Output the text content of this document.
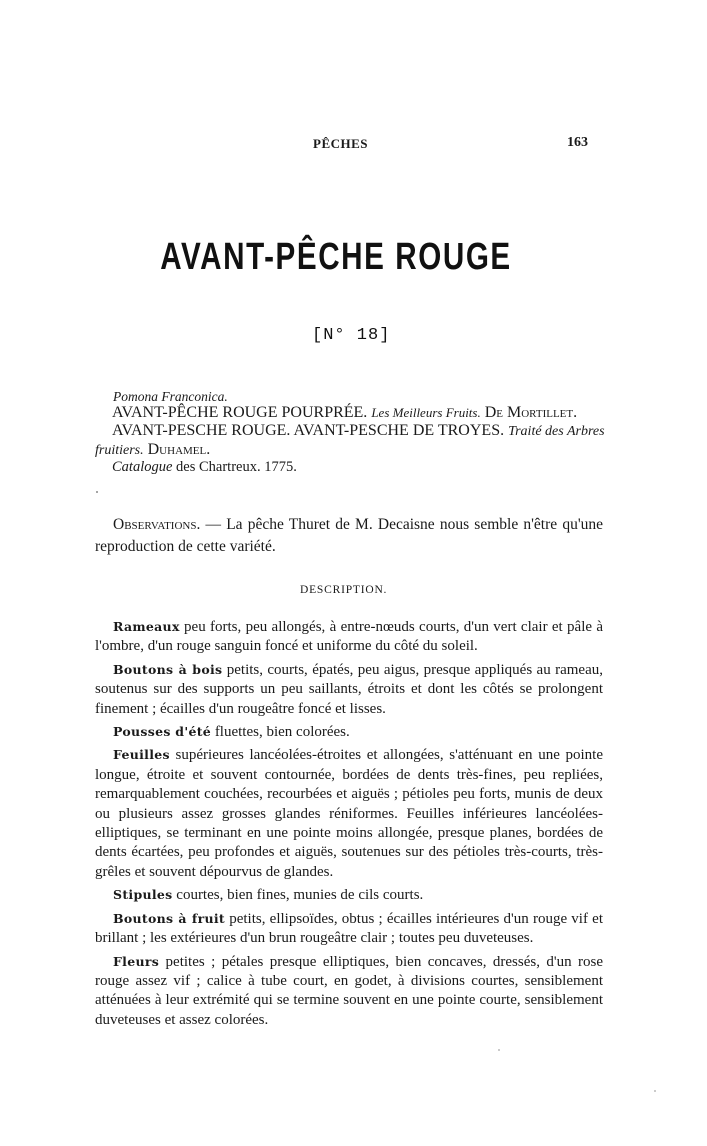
PÊCHES	163
AVANT-PÊCHE ROUGE
[N° 18]
Pomona Franconica.
AVANT-PÊCHE ROUGE POURPRÉE. Les Meilleurs Fruits. De Mortillet.
AVANT-PESCHE ROUGE. AVANT-PESCHE DE TROYES. Traité des Arbres fruitiers. Duhamel.
Catalogue des Chartreux. 1775.
Observations. — La pêche Thuret de M. Decaisne nous semble n'être qu'une reproduction de cette variété.
DESCRIPTION.

Rameaux peu forts, peu allongés, à entre-nœuds courts, d'un vert clair et pâle à l'ombre, d'un rouge sanguin foncé et uniforme du côté du soleil.

Boutons à bois petits, courts, épatés, peu aigus, presque appliqués au rameau, soutenus sur des supports un peu saillants, étroits et dont les côtés se prolongent finement ; écailles d'un rougeâtre foncé et lisses.

Pousses d'été fluettes, bien colorées.

Feuilles supérieures lancéolées-étroites et allongées, s'atténuant en une pointe longue, étroite et souvent contournée, bordées de dents très-fines, peu repliées, remarquablement couchées, recourbées et aiguës ; pétioles peu forts, munis de deux ou plusieurs assez grosses glandes réniformes. Feuilles inférieures lancéolées-elliptiques, se terminant en une pointe moins allongée, presque planes, bordées de dents écartées, peu profondes et aiguës, soutenues sur des pétioles très-courts, très-grêles et souvent dépourvus de glandes.

Stipules courtes, bien fines, munies de cils courts.

Boutons à fruit petits, ellipsoïdes, obtus ; écailles intérieures d'un rouge vif et brillant ; les extérieures d'un brun rougeâtre clair ; toutes peu duveteuses.

Fleurs petites ; pétales presque elliptiques, bien concaves, dressés, d'un rose rouge assez vif ; calice à tube court, en godet, à divisions courtes, sensiblement atténuées à leur extrémité qui se termine souvent en une pointe courte, sensiblement duveteuses et assez colorées.
